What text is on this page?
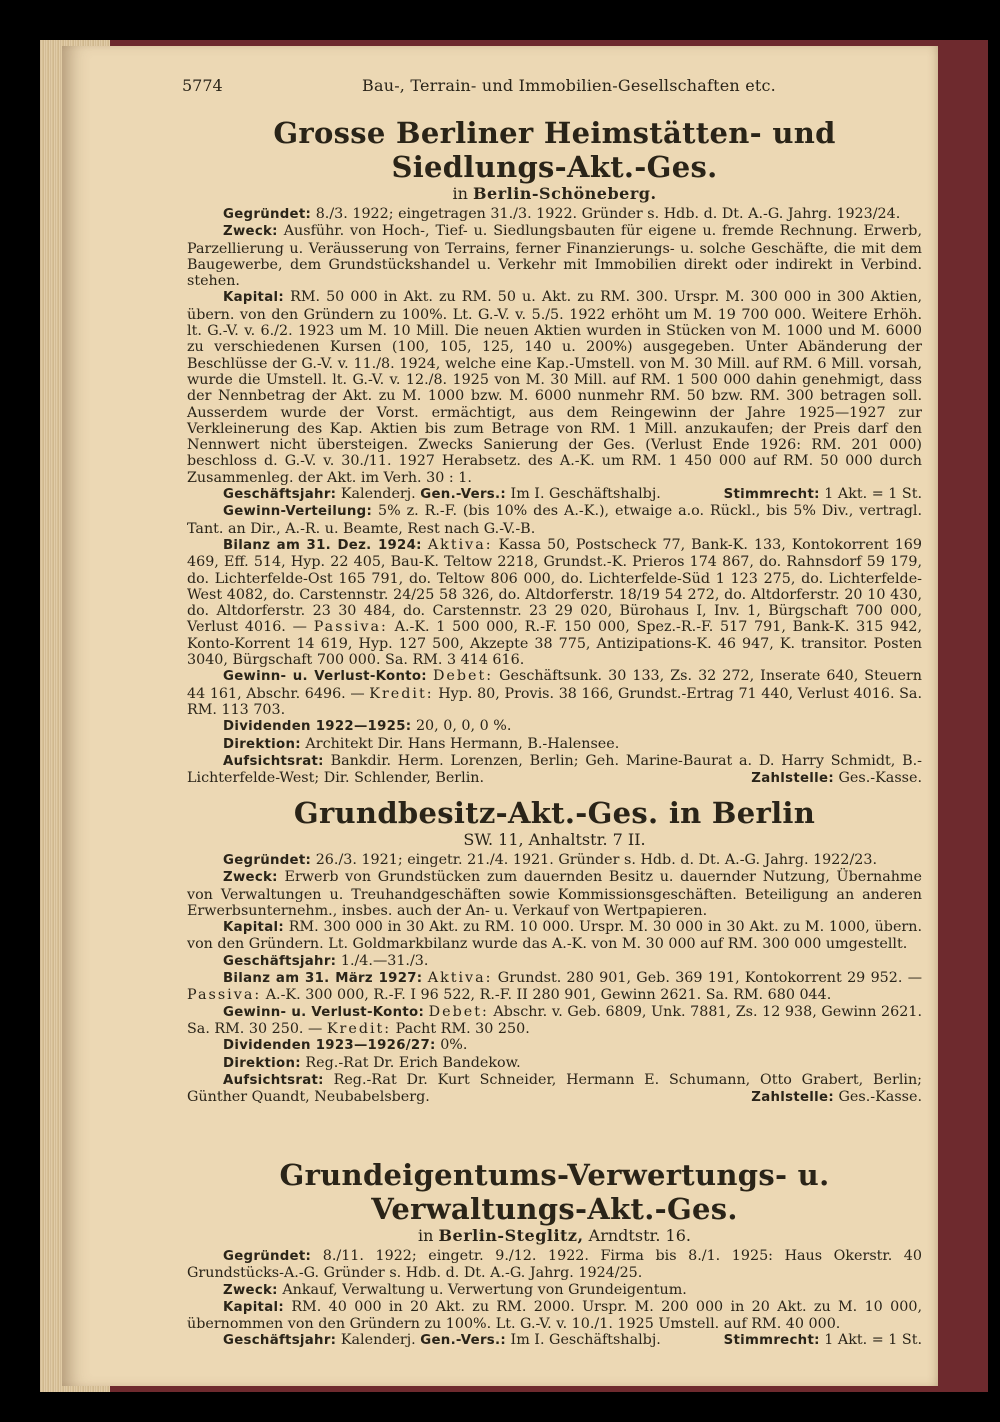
5774	Bau-, Terrain- und Immobilien-Gesellschaften etc.
Grosse Berliner Heimstätten- und Siedlungs-Akt.-Ges.
in Berlin-Schöneberg.

Gegründet: 8./3. 1922; eingetragen 31./3. 1922. Gründer s. Hdb. d. Dt. A.-G. Jahrg. 1923/24.

Zweck: Ausführ. von Hoch-, Tief- u. Siedlungsbauten für eigene u. fremde Rechnung. Erwerb, Parzellierung u. Veräusserung von Terrains, ferner Finanzierungs- u. solche Geschäfte, die mit dem Baugewerbe, dem Grundstückshandel u. Verkehr mit Immobilien direkt oder indirekt in Verbind. stehen.

Kapital: RM. 50 000 in Akt. zu RM. 50 u. Akt. zu RM. 300. Urspr. M. 300 000 in 300 Aktien, übern. von den Gründern zu 100%. Lt. G.-V. v. 5./5. 1922 erhöht um M. 19 700 000. Weitere Erhöh. lt. G.-V. v. 6./2. 1923 um M. 10 Mill. Die neuen Aktien wurden in Stücken von M. 1000 und M. 6000 zu verschiedenen Kursen (100, 105, 125, 140 u. 200%) ausgegeben. Unter Abänderung der Beschlüsse der G.-V. v. 11./8. 1924, welche eine Kap.-Umstell. von M. 30 Mill. auf RM. 6 Mill. vorsah, wurde die Umstell. lt. G.-V. v. 12./8. 1925 von M. 30 Mill. auf RM. 1 500 000 dahin genehmigt, dass der Nennbetrag der Akt. zu M. 1000 bzw. M. 6000 nunmehr RM. 50 bzw. RM. 300 betragen soll. Ausserdem wurde der Vorst. ermächtigt, aus dem Reingewinn der Jahre 1925—1927 zur Verkleinerung des Kap. Aktien bis zum Betrage von RM. 1 Mill. anzukaufen; der Preis darf den Nennwert nicht übersteigen. Zwecks Sanierung der Ges. (Verlust Ende 1926: RM. 201 000) beschloss d. G.-V. v. 30./11. 1927 Herabsetz. des A.-K. um RM. 1 450 000 auf RM. 50 000 durch Zusammenleg. der Akt. im Verh. 30 : 1.

Geschäftsjahr: Kalenderj. Gen.-Vers.: Im I. Geschäftshalbj.	Stimmrecht: 1 Akt. = 1 St.

Gewinn-Verteilung: 5% z. R.-F. (bis 10% des A.-K.), etwaige a.o. Rückl., bis 5% Div., vertragl. Tant. an Dir., A.-R. u. Beamte, Rest nach G.-V.-B.

Bilanz am 31. Dez. 1924: Aktiva: Kassa 50, Postscheck 77, Bank-K. 133, Kontokorrent 169 469, Eff. 514, Hyp. 22 405, Bau-K. Teltow 2218, Grundst.-K. Prieros 174 867, do. Rahnsdorf 59 179, do. Lichterfelde-Ost 165 791, do. Teltow 806 000, do. Lichterfelde-Süd 1 123 275, do. Lichterfelde-West 4082, do. Carstennstr. 24/25 58 326, do. Altdorferstr. 18/19 54 272, do. Altdorferstr. 20 10 430, do. Altdorferstr. 23 30 484, do. Carstennstr. 23 29 020, Bürohaus I, Inv. 1, Bürgschaft 700 000, Verlust 4016. — Passiva: A.-K. 1 500 000, R.-F. 150 000, Spez.-R.-F. 517 791, Bank-K. 315 942, Konto-Korrent 14 619, Hyp. 127 500, Akzepte 38 775, Antizipations-K. 46 947, K. transitor. Posten 3040, Bürgschaft 700 000. Sa. RM. 3 414 616.

Gewinn- u. Verlust-Konto: Debet: Geschäftsunk. 30 133, Zs. 32 272, Inserate 640, Steuern 44 161, Abschr. 6496. — Kredit: Hyp. 80, Provis. 38 166, Grundst.-Ertrag 71 440, Verlust 4016. Sa. RM. 113 703.

Dividenden 1922—1925: 20, 0, 0, 0 %.

Direktion: Architekt Dir. Hans Hermann, B.-Halensee.

Aufsichtsrat: Bankdir. Herm. Lorenzen, Berlin; Geh. Marine-Baurat a. D. Harry Schmidt, B.-Lichterfelde-West; Dir. Schlender, Berlin.	Zahlstelle: Ges.-Kasse.

Grundbesitz-Akt.-Ges. in Berlin
SW. 11, Anhaltstr. 7 II.

Gegründet: 26./3. 1921; eingetr. 21./4. 1921. Gründer s. Hdb. d. Dt. A.-G. Jahrg. 1922/23.

Zweck: Erwerb von Grundstücken zum dauernden Besitz u. dauernder Nutzung, Übernahme von Verwaltungen u. Treuhandgeschäften sowie Kommissionsgeschäften. Beteiligung an anderen Erwerbsunternehm., insbes. auch der An- u. Verkauf von Wertpapieren.

Kapital: RM. 300 000 in 30 Akt. zu RM. 10 000. Urspr. M. 30 000 in 30 Akt. zu M. 1000, übern. von den Gründern. Lt. Goldmarkbilanz wurde das A.-K. von M. 30 000 auf RM. 300 000 umgestellt.

Geschäftsjahr: 1./4.—31./3.

Bilanz am 31. März 1927: Aktiva: Grundst. 280 901, Geb. 369 191, Kontokorrent 29 952. — Passiva: A.-K. 300 000, R.-F. I 96 522, R.-F. II 280 901, Gewinn 2621. Sa. RM. 680 044.

Gewinn- u. Verlust-Konto: Debet: Abschr. v. Geb. 6809, Unk. 7881, Zs. 12 938, Gewinn 2621. Sa. RM. 30 250. — Kredit: Pacht RM. 30 250.

Dividenden 1923—1926/27: 0%.

Direktion: Reg.-Rat Dr. Erich Bandekow.

Aufsichtsrat: Reg.-Rat Dr. Kurt Schneider, Hermann E. Schumann, Otto Grabert, Berlin; Günther Quandt, Neubabelsberg.	Zahlstelle: Ges.-Kasse.

Grundeigentums-Verwertungs- u. Verwaltungs-Akt.-Ges.
in Berlin-Steglitz, Arndtstr. 16.

Gegründet: 8./11. 1922; eingetr. 9./12. 1922. Firma bis 8./1. 1925: Haus Okerstr. 40 Grundstücks-A.-G. Gründer s. Hdb. d. Dt. A.-G. Jahrg. 1924/25.

Zweck: Ankauf, Verwaltung u. Verwertung von Grundeigentum.

Kapital: RM. 40 000 in 20 Akt. zu RM. 2000. Urspr. M. 200 000 in 20 Akt. zu M. 10 000, übernommen von den Gründern zu 100%. Lt. G.-V. v. 10./1. 1925 Umstell. auf RM. 40 000.

Geschäftsjahr: Kalenderj. Gen.-Vers.: Im I. Geschäftshalbj.	Stimmrecht: 1 Akt. = 1 St.
